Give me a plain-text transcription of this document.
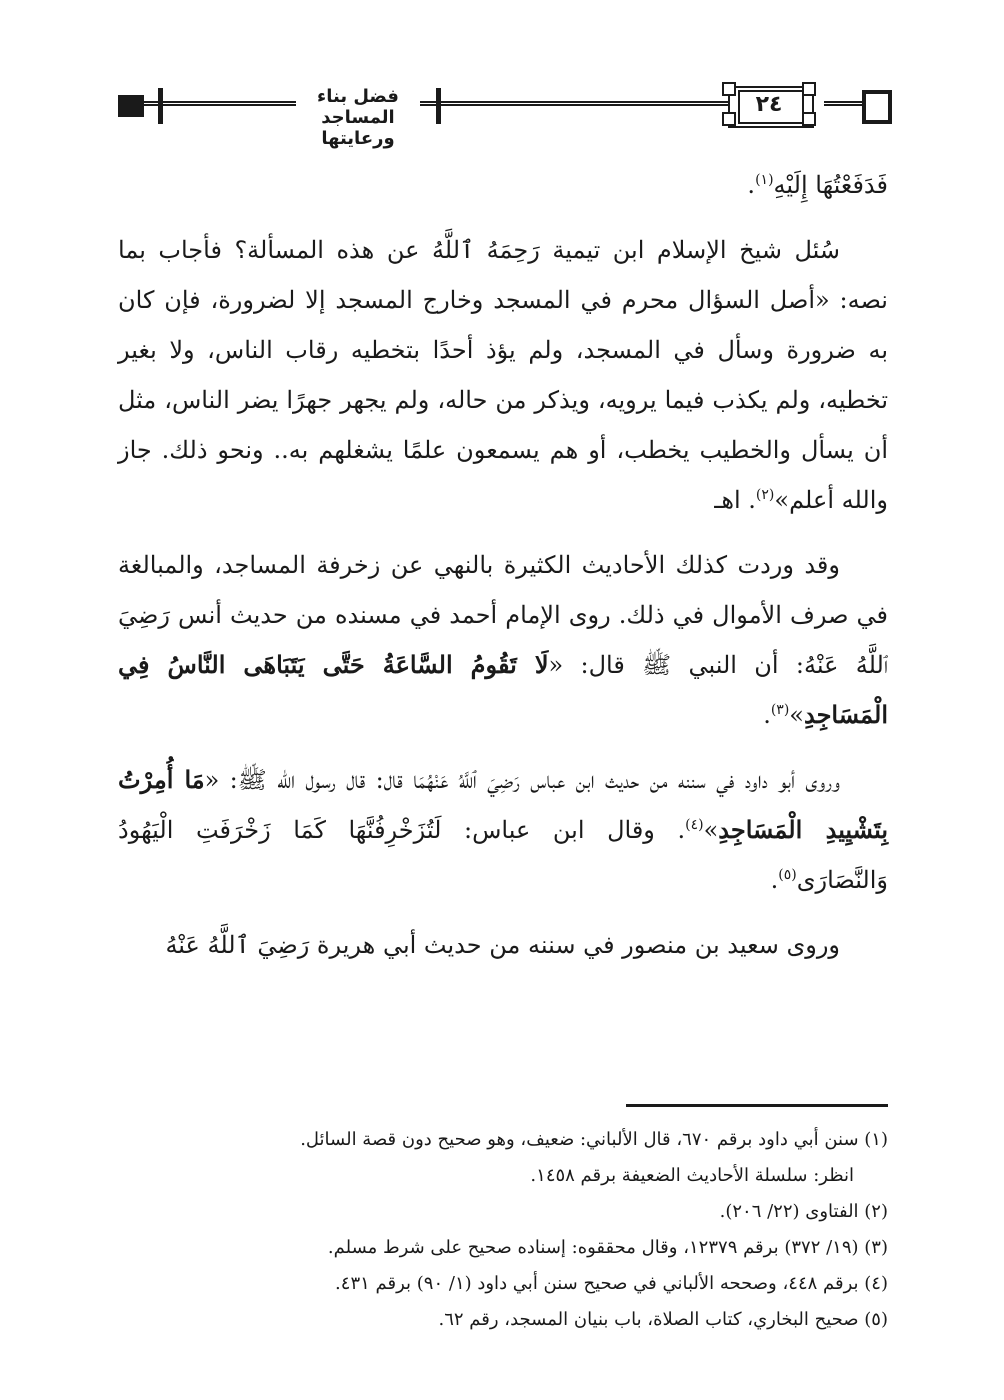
فضل بناء المساجد ورعايتها
٢٤

فَدَفَعْتُهَا إِلَيْهِ$^{(١)}$.

سُئل شيخ الإسلام ابن تيمية رَحِمَهُ ٱللَّهُ عن هذه المسألة؟ فأجاب بما نصه: «أصل السؤال محرم في المسجد وخارج المسجد إلا لضرورة، فإن كان به ضرورة وسأل في المسجد، ولم يؤذ أحدًا بتخطيه رقاب الناس، ولا بغير تخطيه، ولم يكذب فيما يرويه، ويذكر من حاله، ولم يجهر جهرًا يضر الناس، مثل أن يسأل والخطيب يخطب، أو هم يسمعون علمًا يشغلهم به.. ونحو ذلك. جاز والله أعلم»$^{(٢)}$. اهـ

وقد وردت كذلك الأحاديث الكثيرة بالنهي عن زخرفة المساجد، والمبالغة في صرف الأموال في ذلك. روى الإمام أحمد في مسنده من حديث أنس رَضِيَ ٱللَّهُ عَنْهُ: أن النبي ﷺ قال: «لَا تَقُومُ السَّاعَةُ حَتَّى يَتَبَاهَى النَّاسُ فِي الْمَسَاجِدِ»$^{(٣)}$.

وروى أبو داود في سننه من حديث ابن عباس رَضِيَ ٱللَّهُ عَنْهُمَا قال: قال رسول الله ﷺ: «مَا أُمِرْتُ بِتَشْيِيدِ الْمَسَاجِدِ»$^{(٤)}$. وقال ابن عباس: لَتُزَخْرِفُنَّهَا كَمَا زَخْرَفَتِ الْيَهُودُ وَالنَّصَارَى$^{(٥)}$.

وروى سعيد بن منصور في سننه من حديث أبي هريرة رَضِيَ ٱللَّهُ عَنْهُ

(١) سنن أبي داود برقم ٦٧٠، قال الألباني: ضعيف، وهو صحيح دون قصة السائل.
انظر: سلسلة الأحاديث الضعيفة برقم ١٤٥٨.
(٢) الفتاوى (٢٢/ ٢٠٦).
(٣) (١٩/ ٣٧٢) برقم ١٢٣٧٩، وقال محققوه: إسناده صحيح على شرط مسلم.
(٤) برقم ٤٤٨، وصححه الألباني في صحيح سنن أبي داود (١/ ٩٠) برقم ٤٣١.
(٥) صحيح البخاري، كتاب الصلاة، باب بنيان المسجد، رقم ٦٢.
